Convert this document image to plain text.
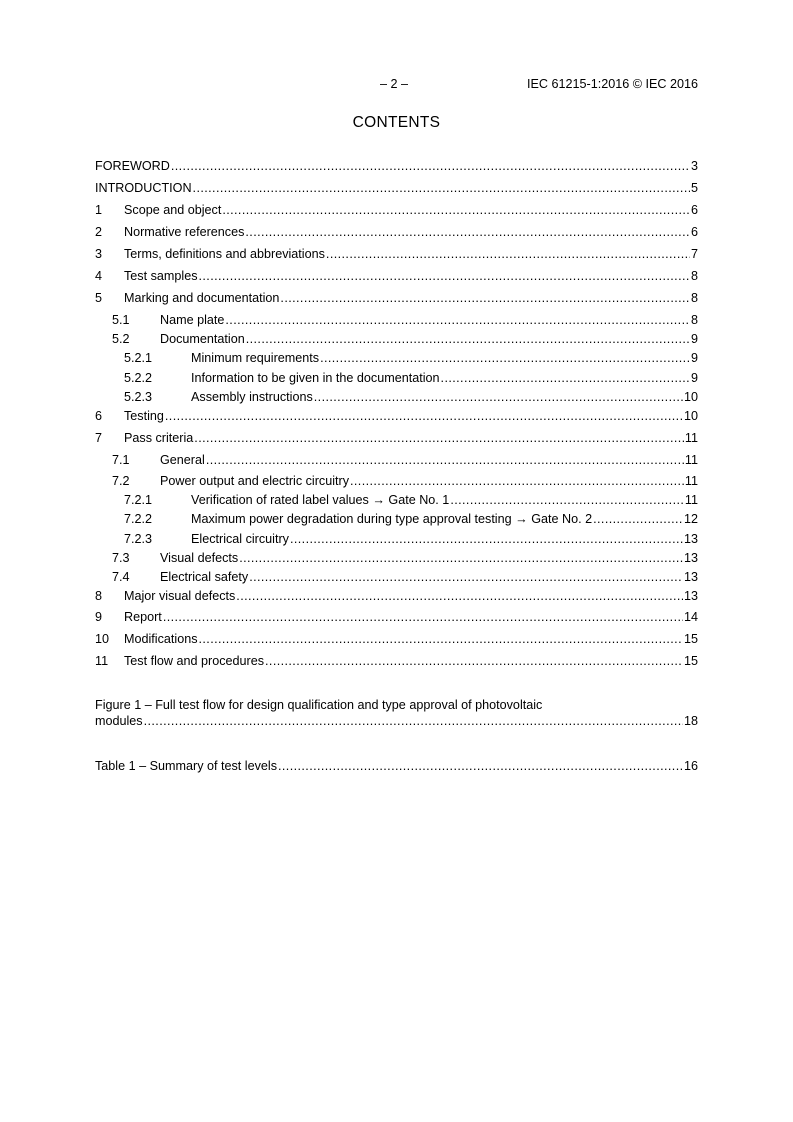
– 2 –	IEC 61215-1:2016 © IEC 2016
CONTENTS
FOREWORD .....	3
INTRODUCTION .....	5
1 Scope and object .....	6
2 Normative references .....	6
3 Terms, definitions and abbreviations .....	7
4 Test samples .....	8
5 Marking and documentation .....	8
5.1 Name plate .....	8
5.2 Documentation .....	9
5.2.1	Minimum requirements .....	9
5.2.2	Information to be given in the documentation .....	9
5.2.3	Assembly instructions .....	10
6 Testing .....	10
7 Pass criteria .....	11
7.1 General .....	11
7.2 Power output and electric circuitry .....	11
7.2.1	Verification of rated label values → Gate No. 1 .....	11
7.2.2	Maximum power degradation during type approval testing → Gate No. 2 .....	12
7.2.3	Electrical circuitry .....	13
7.3 Visual defects .....	13
7.4 Electrical safety .....	13
8 Major visual defects .....	13
9 Report .....	14
10 Modifications .....	15
11 Test flow and procedures .....	15
Figure 1 – Full test flow for design qualification and type approval of photovoltaic
modules .....	18
Table 1 – Summary of test levels .....	16
